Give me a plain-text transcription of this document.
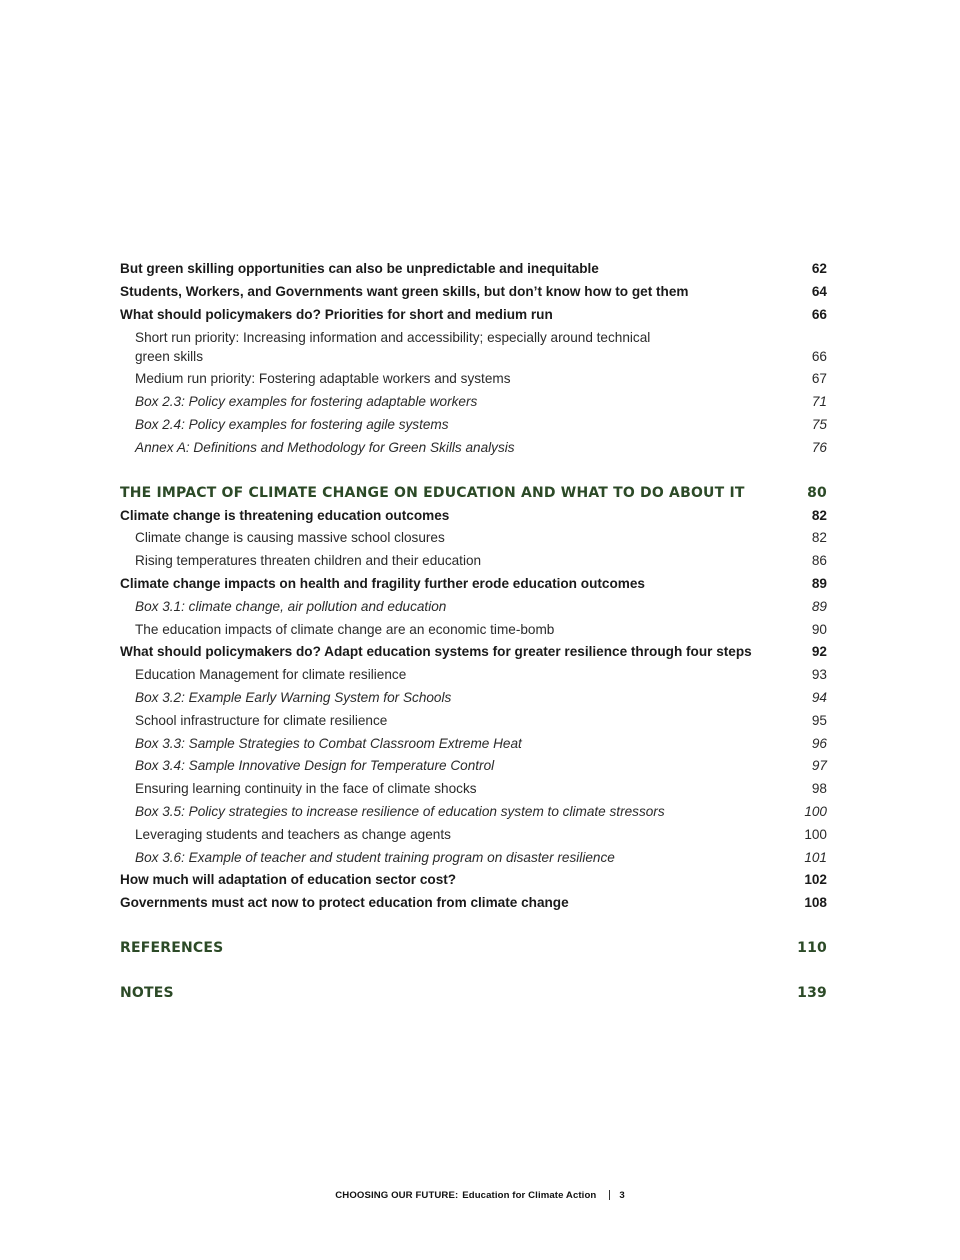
But green skilling opportunities can also be unpredictable and inequitable	62
Students, Workers, and Governments want green skills, but don’t know how to get them	64
What should policymakers do? Priorities for short and medium run	66
Short run priority: Increasing information and accessibility; especially around technical green skills	66
Medium run priority: Fostering adaptable workers and systems	67
Box 2.3: Policy examples for fostering adaptable workers	71
Box 2.4: Policy examples for fostering agile systems	75
Annex A: Definitions and Methodology for Green Skills analysis	76
THE IMPACT OF CLIMATE CHANGE ON EDUCATION AND WHAT TO DO ABOUT IT	80
Climate change is threatening education outcomes	82
Climate change is causing massive school closures	82
Rising temperatures threaten children and their education	86
Climate change impacts on health and fragility further erode education outcomes	89
Box 3.1: climate change, air pollution and education	89
The education impacts of climate change are an economic time-bomb	90
What should policymakers do? Adapt education systems for greater resilience through four steps	92
Education Management for climate resilience	93
Box 3.2: Example Early Warning System for Schools	94
School infrastructure for climate resilience	95
Box 3.3: Sample Strategies to Combat Classroom Extreme Heat	96
Box 3.4: Sample Innovative Design for Temperature Control	97
Ensuring learning continuity in the face of climate shocks	98
Box 3.5: Policy strategies to increase resilience of education system to climate stressors	100
Leveraging students and teachers as change agents	100
Box 3.6: Example of teacher and student training program on disaster resilience	101
How much will adaptation of education sector cost?	102
Governments must act now to protect education from climate change	108
REFERENCES	110
NOTES	139
CHOOSING OUR FUTURE: Education for Climate Action 3
